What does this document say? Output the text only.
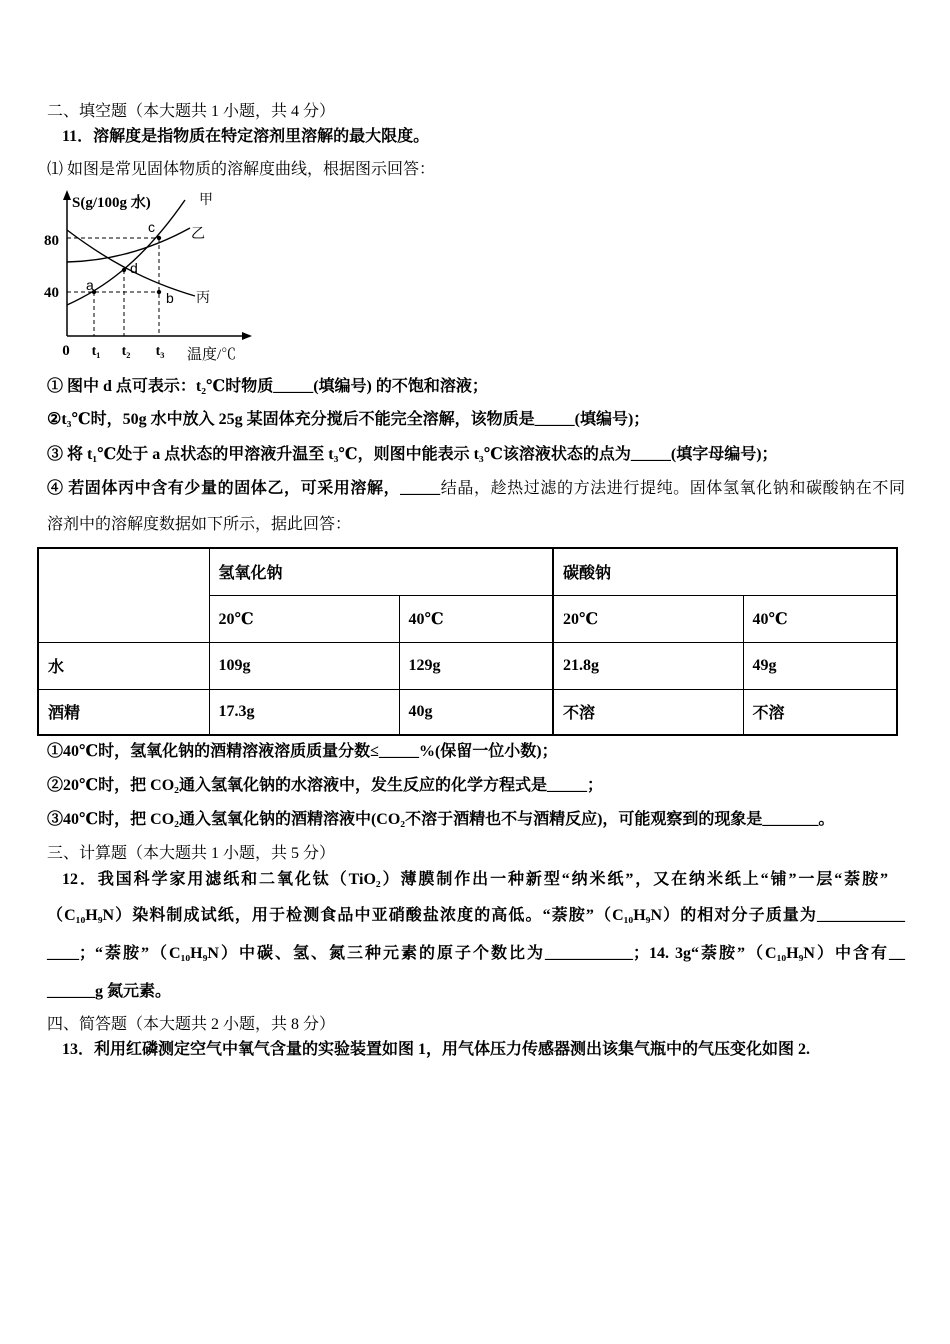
二、填空题（本大题共 1 小题，共 4 分）
11．溶解度是指物质在特定溶剂里溶解的最大限度。
⑴ 如图是常见固体物质的溶解度曲线，根据图示回答：
S(g/100g 水)	甲
乙
丙
80
40
0 t₁ t₂ t₃ 温度/℃
a
b
c
d
① 图中 d 点可表示：t₂℃时物质_____(填编号) 的不饱和溶液；
②t₃℃时，50g 水中放入 25g 某固体充分搅后不能完全溶解，该物质是_____(填编号)；
③ 将 t₁℃处于 a 点状态的甲溶液升温至 t₃℃，则图中能表示 t₃℃该溶液状态的点为_____(填字母编号)；
④ 若固体丙中含有少量的固体乙，可采用溶解，_____结晶，趁热过滤的方法进行提纯。固体氢氧化钠和碳酸钠在不同
溶剂中的溶解度数据如下所示，据此回答：
	氢氧化钠		碳酸钠	
	20℃	40℃	20℃	40℃
水	109g	129g	21.8g	49g
酒精	17.3g	40g	不溶	不溶
①40℃时，氢氧化钠的酒精溶液溶质质量分数≤_____%(保留一位小数)；
②20℃时，把 CO₂通入氢氧化钠的水溶液中，发生反应的化学方程式是_____；
③40℃时，把 CO₂通入氢氧化钠的酒精溶液中(CO₂不溶于酒精也不与酒精反应)，可能观察到的现象是_______。
三、计算题（本大题共 1 小题，共 5 分）
12．我国科学家用滤纸和二氧化钛（TiO₂）薄膜制作出一种新型“纳米纸”，又在纳米纸上“铺”一层“萘胺”
（C₁₀H₉N）染料制成试纸，用于检测食品中亚硝酸盐浓度的高低。“萘胺”（C₁₀H₉N）的相对分子质量为___________
____；“萘胺”（C₁₀H₉N）中碳、氢、氮三种元素的原子个数比为___________；14. 3g“萘胺”（C₁₀H₉N）中含有__
______g 氮元素。
四、简答题（本大题共 2 小题，共 8 分）
13．利用红磷测定空气中氧气含量的实验装置如图 1，用气体压力传感器测出该集气瓶中的气压变化如图 2.
